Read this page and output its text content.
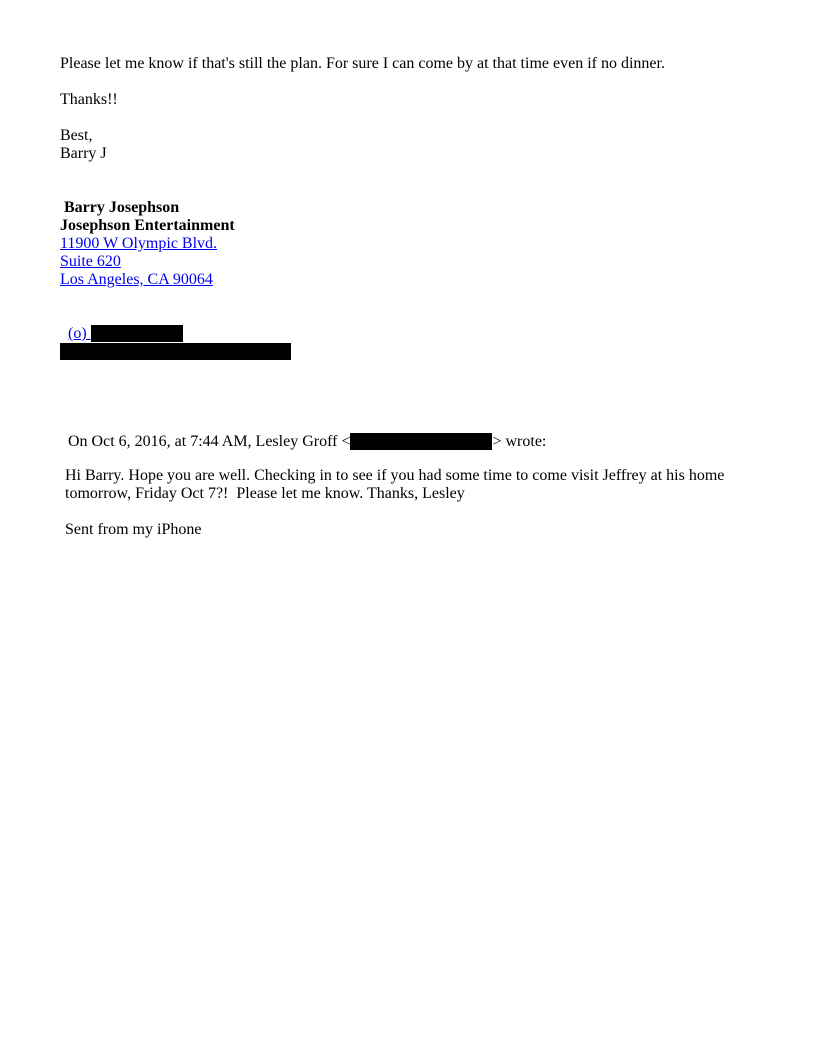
Please let me know if that's still the plan. For sure I can come by at that time even if no dinner.
Thanks!!
Best,
Barry J
Barry Josephson
Josephson Entertainment
11900 W Olympic Blvd.
Suite 620
Los Angeles, CA 90064

(o)

On Oct 6, 2016, at 7:44 AM, Lesley Groff <	> wrote:

Hi Barry. Hope you are well. Checking in to see if you had some time to come visit Jeffrey at his home
tomorrow, Friday Oct 7?!  Please let me know. Thanks, Lesley
Sent from my iPhone
